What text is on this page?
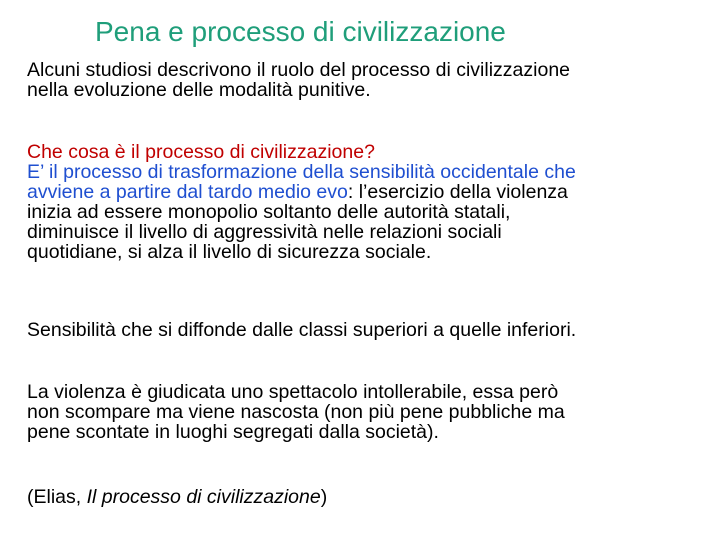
Pena e processo di civilizzazione
Alcuni studiosi descrivono il ruolo del processo di civilizzazione
nella evoluzione delle modalità punitive.
Che cosa è il processo di civilizzazione?
E’ il processo di trasformazione della sensibilità occidentale che
avviene a partire dal tardo medio evo: l’esercizio della violenza
inizia ad essere monopolio soltanto delle autorità statali,
diminuisce il livello di aggressività nelle relazioni sociali
quotidiane, si alza il livello di sicurezza sociale.
Sensibilità che si diffonde dalle classi superiori a quelle inferiori.
La violenza è giudicata uno spettacolo intollerabile, essa però
non scompare ma viene nascosta (non più pene pubbliche ma
pene scontate in luoghi segregati dalla società).
(Elias, Il processo di civilizzazione)
